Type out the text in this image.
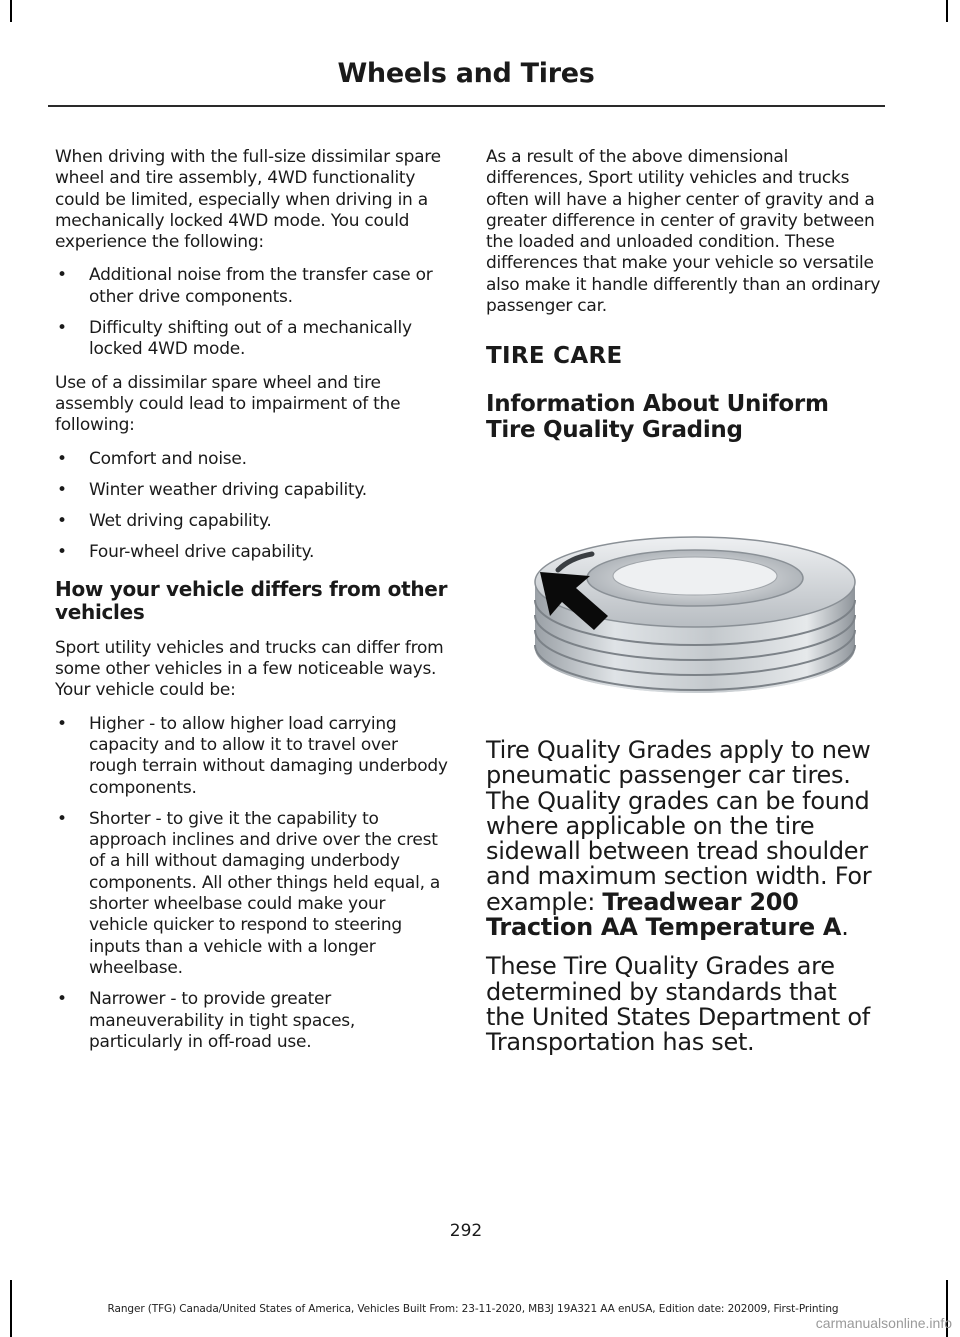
Wheels and Tires

When driving with the full-size dissimilar spare wheel and tire assembly, 4WD functionality could be limited, especially when driving in a mechanically locked 4WD mode. You could experience the following:

• Additional noise from the transfer case or other drive components.
• Difficulty shifting out of a mechanically locked 4WD mode.

Use of a dissimilar spare wheel and tire assembly could lead to impairment of the following:

• Comfort and noise.
• Winter weather driving capability.
• Wet driving capability.
• Four-wheel drive capability.
How your vehicle differs from other vehicles

Sport utility vehicles and trucks can differ from some other vehicles in a few noticeable ways. Your vehicle could be:

• Higher - to allow higher load carrying capacity and to allow it to travel over rough terrain without damaging underbody components.
• Shorter - to give it the capability to approach inclines and drive over the crest of a hill without damaging underbody components. All other things held equal, a shorter wheelbase could make your vehicle quicker to respond to steering inputs than a vehicle with a longer wheelbase.
• Narrower - to provide greater maneuverability in tight spaces, particularly in off-road use.

As a result of the above dimensional differences, Sport utility vehicles and trucks often will have a higher center of gravity and a greater difference in center of gravity between the loaded and unloaded condition. These differences that make your vehicle so versatile also make it handle differently than an ordinary passenger car.

TIRE CARE
Information About Uniform Tire Quality Grading

Tire Quality Grades apply to new pneumatic passenger car tires. The Quality grades can be found where applicable on the tire sidewall between tread shoulder and maximum section width. For example: Treadwear 200 Traction AA Temperature A.

These Tire Quality Grades are determined by standards that the United States Department of Transportation has set.

292
Ranger (TFG) Canada/United States of America, Vehicles Built From: 23-11-2020, MB3J 19A321 AA enUSA, Edition date: 202009, First-Printing
carmanualsonline.info
